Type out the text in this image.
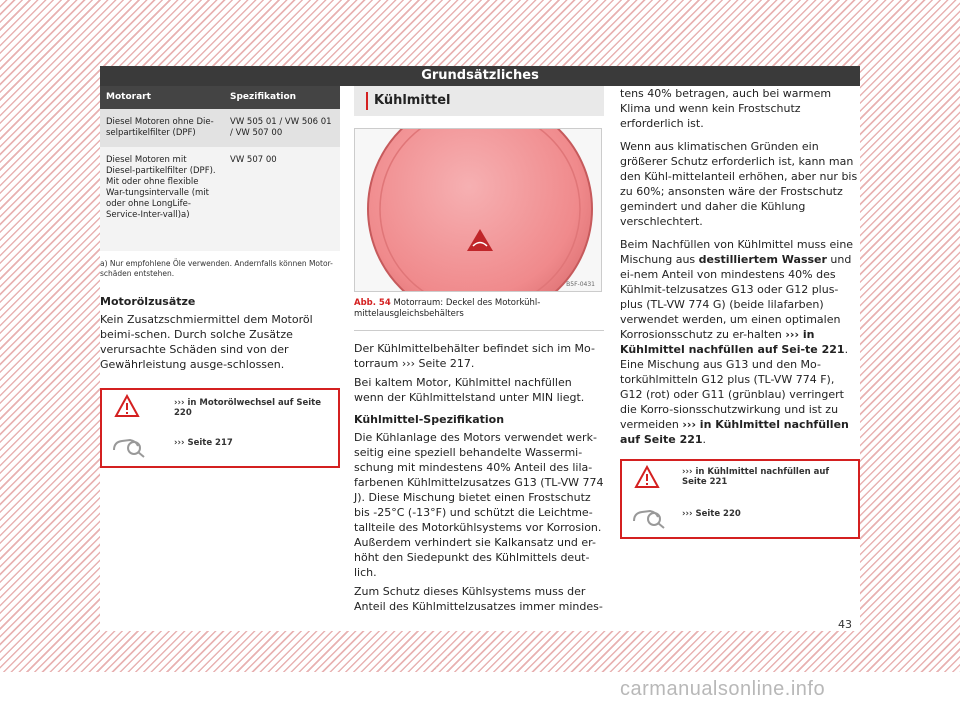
Grundsätzliches
Motorart	Spezifikation
Diesel Motoren ohne Die-selpartikelfilter (DPF)	VW 505 01 / VW 506 01 / VW 507 00
Diesel Motoren mit Diesel-partikelfilter (DPF). Mit oder ohne flexible War-tungsintervalle (mit oder ohne LongLife-Service-Inter-vall)a)	VW 507 00
a) Nur empfohlene Öle verwenden. Andernfalls können Motor-schäden entstehen.
Motorölzusätze
Kein Zusatzschmiermittel dem Motoröl beimi-schen. Durch solche Zusätze verursachte Schäden sind von der Gewährleistung ausge-schlossen.
››› in Motorölwechsel auf Seite 220
››› Seite 217
Kühlmittel
B5F-0431
Abb. 54 Motorraum: Deckel des Motorkühl-mittelausgleichsbehälters
Der Kühlmittelbehälter befindet sich im Mo-torraum ››› Seite 217.
Bei kaltem Motor, Kühlmittel nachfüllen wenn der Kühlmittelstand unter MIN liegt.
Kühlmittel-Spezifikation
Die Kühlanlage des Motors verwendet werk-seitig eine speziell behandelte Wassermi-schung mit mindestens 40% Anteil des lila-farbenen Kühlmittelzusatzes G13 (TL-VW 774 J). Diese Mischung bietet einen Frostschutz bis -25°C (-13°F) und schützt die Leichtme-tallteile des Motorkühlsystems vor Korrosion. Außerdem verhindert sie Kalkansatz und er-höht den Siedepunkt des Kühlmittels deut-lich.
Zum Schutz dieses Kühlsystems muss der Anteil des Kühlmittelzusatzes immer mindes-
tens 40% betragen, auch bei warmem Klima und wenn kein Frostschutz erforderlich ist.
Wenn aus klimatischen Gründen ein größerer Schutz erforderlich ist, kann man den Kühl-mittelanteil erhöhen, aber nur bis zu 60%; ansonsten wäre der Frostschutz gemindert und daher die Kühlung verschlechtert.
Beim Nachfüllen von Kühlmittel muss eine Mischung aus destilliertem Wasser und ei-nem Anteil von mindestens 40% des Kühlmit-telzusatzes G13 oder G12 plus-plus (TL-VW 774 G) (beide lilafarben) verwendet werden, um einen optimalen Korrosionsschutz zu er-halten ››› in Kühlmittel nachfüllen auf Sei-te 221. Eine Mischung aus G13 und den Mo-torkühlmitteln G12 plus (TL-VW 774 F), G12 (rot) oder G11 (grünblau) verringert die Korro-sionsschutzwirkung und ist zu vermeiden ››› in Kühlmittel nachfüllen auf Seite 221.
››› in Kühlmittel nachfüllen auf Seite 221
››› Seite 220
43
carmanualsonline.info
